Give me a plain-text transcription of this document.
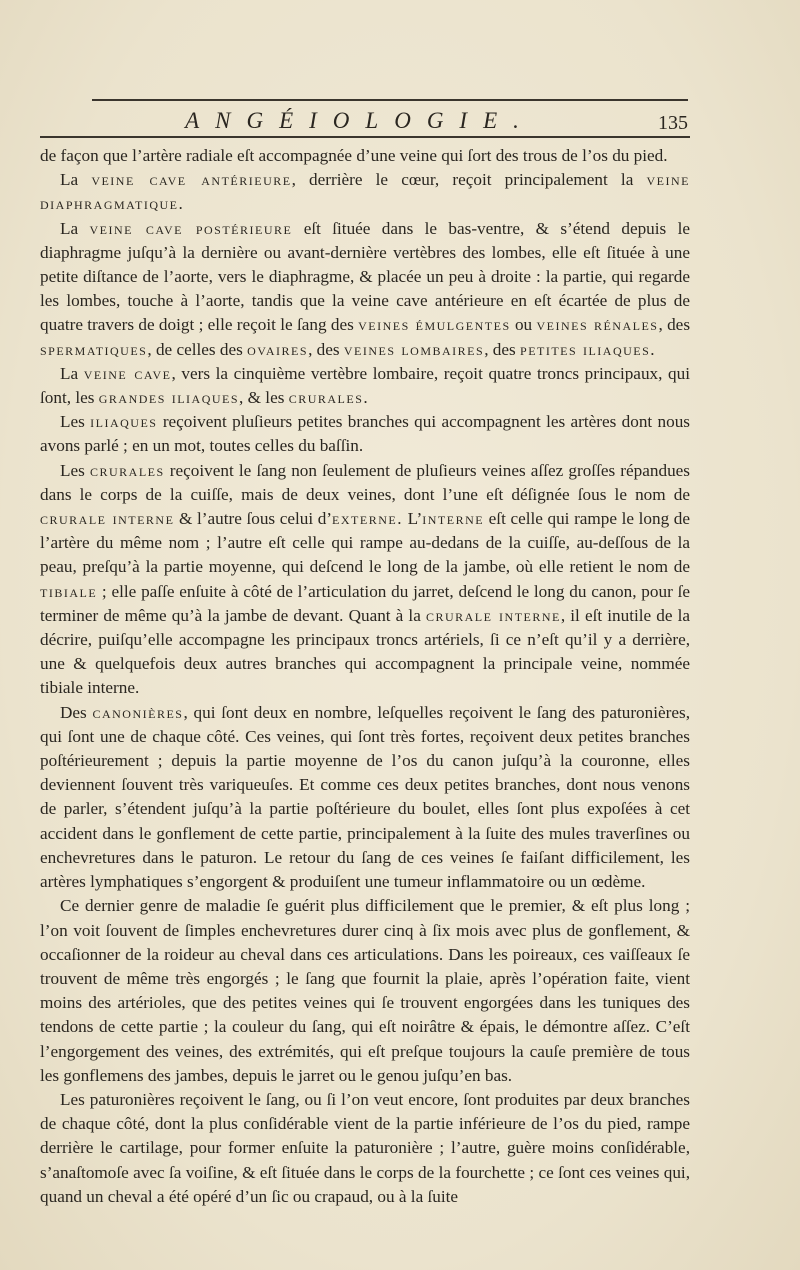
ANGÉIOLOGIE.	135

de façon que l’artère radiale eſt accompagnée d’une veine qui ſort des trous de l’os du pied.

La veine cave antérieure, derrière le cœur, reçoit principalement la veine diaphragmatique.

La veine cave postérieure eſt ſituée dans le bas-ventre, & s’étend depuis le diaphragme juſqu’à la dernière ou avant-dernière vertèbres des lombes, elle eſt ſituée à une petite diſtance de l’aorte, vers le diaphragme, & placée un peu à droite : la partie, qui regarde les lombes, touche à l’aorte, tandis que la veine cave antérieure en eſt écartée de plus de quatre travers de doigt ; elle reçoit le ſang des veines émulgentes ou veines rénales, des spermatiques, de celles des ovaires, des veines lombaires, des petites iliaques.

La veine cave, vers la cinquième vertèbre lombaire, reçoit quatre troncs principaux, qui ſont, les grandes iliaques, & les crurales.

Les iliaques reçoivent pluſieurs petites branches qui accompagnent les artères dont nous avons parlé ; en un mot, toutes celles du baſſin.

Les crurales reçoivent le ſang non ſeulement de pluſieurs veines aſſez groſſes répandues dans le corps de la cuiſſe, mais de deux veines, dont l’une eſt déſignée ſous le nom de crurale interne & l’autre ſous celui d’externe. L’interne eſt celle qui rampe le long de l’artère du même nom ; l’autre eſt celle qui rampe au-dedans de la cuiſſe, au-deſſous de la peau, preſqu’à la partie moyenne, qui deſcend le long de la jambe, où elle retient le nom de tibiale ; elle paſſe enſuite à côté de l’articulation du jarret, deſcend le long du canon, pour ſe terminer de même qu’à la jambe de devant. Quant à la crurale interne, il eſt inutile de la décrire, puiſqu’elle accompagne les principaux troncs artériels, ſi ce n’eſt qu’il y a derrière, une & quelquefois deux autres branches qui accompagnent la principale veine, nommée tibiale interne.

Des canonières, qui ſont deux en nombre, leſquelles reçoivent le ſang des paturonières, qui ſont une de chaque côté. Ces veines, qui ſont très fortes, reçoivent deux petites branches poſtérieurement ; depuis la partie moyenne de l’os du canon juſqu’à la couronne, elles deviennent ſouvent très variqueuſes. Et comme ces deux petites branches, dont nous venons de parler, s’étendent juſqu’à la partie poſtérieure du boulet, elles ſont plus expoſées à cet accident dans le gonflement de cette partie, principalement à la ſuite des mules traverſines ou enchevretures dans le paturon. Le retour du ſang de ces veines ſe faiſant difficilement, les artères lymphatiques s’engorgent & produiſent une tumeur inflammatoire ou un œdème.

Ce dernier genre de maladie ſe guérit plus difficilement que le premier, & eſt plus long ; l’on voit ſouvent de ſimples enchevretures durer cinq à ſix mois avec plus de gonflement, & occaſionner de la roideur au cheval dans ces articulations. Dans les poireaux, ces vaiſſeaux ſe trouvent de même très engorgés ; le ſang que fournit la plaie, après l’opération faite, vient moins des artérioles, que des petites veines qui ſe trouvent engorgées dans les tuniques des tendons de cette partie ; la couleur du ſang, qui eſt noirâtre & épais, le démontre aſſez. C’eſt l’engorgement des veines, des extrémités, qui eſt preſque toujours la cauſe première de tous les gonflemens des jambes, depuis le jarret ou le genou juſqu’en bas.

Les paturonières reçoivent le ſang, ou ſi l’on veut encore, ſont produites par deux branches de chaque côté, dont la plus conſidérable vient de la partie inférieure de l’os du pied, rampe derrière le cartilage, pour former enſuite la paturonière ; l’autre, guère moins conſidérable, s’anaſtomoſe avec ſa voiſine, & eſt ſituée dans le corps de la fourchette ; ce ſont ces veines qui, quand un cheval a été opéré d’un ſic ou crapaud, ou à la ſuite
